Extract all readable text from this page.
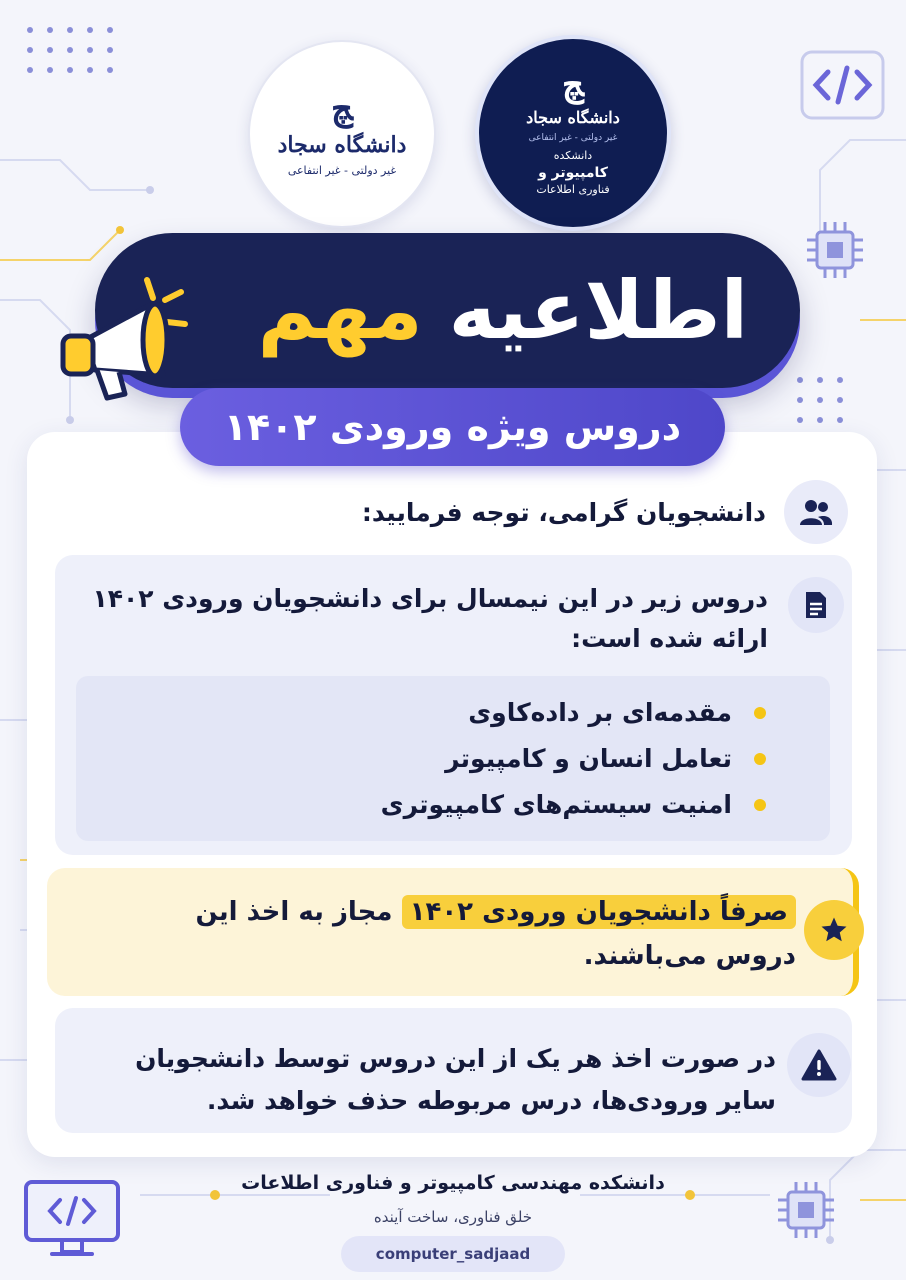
ﭻ
دانشگاه سجاد
غیر دولتی - غیر انتفاعی
ﭻ
دانشگاه سجاد
غیر دولتی - غیر انتفاعی
دانشکده
کامپیوتر و
فناوری اطلاعات
اطلاعیه
مهم
دروس ویژه ورودی ۱۴۰۲
دانشجویان گرامی، توجه فرمایید:
دروس زیر در این نیمسال برای دانشجویان ورودی ۱۴۰۲ ارائه شده است:
مقدمه‌ای بر داده‌کاوی
تعامل انسان و کامپیوتر
امنیت سیستم‌های کامپیوتری
صرفاً دانشجویان ورودی ۱۴۰۲ مجاز به اخذ این دروس می‌باشند.
در صورت اخذ هر یک از این دروس توسط دانشجویان سایر ورودی‌ها، درس مربوطه حذف خواهد شد.
دانشکده مهندسی کامپیوتر و فناوری اطلاعات
خلق فناوری، ساخت آینده
computer_sadjaad
